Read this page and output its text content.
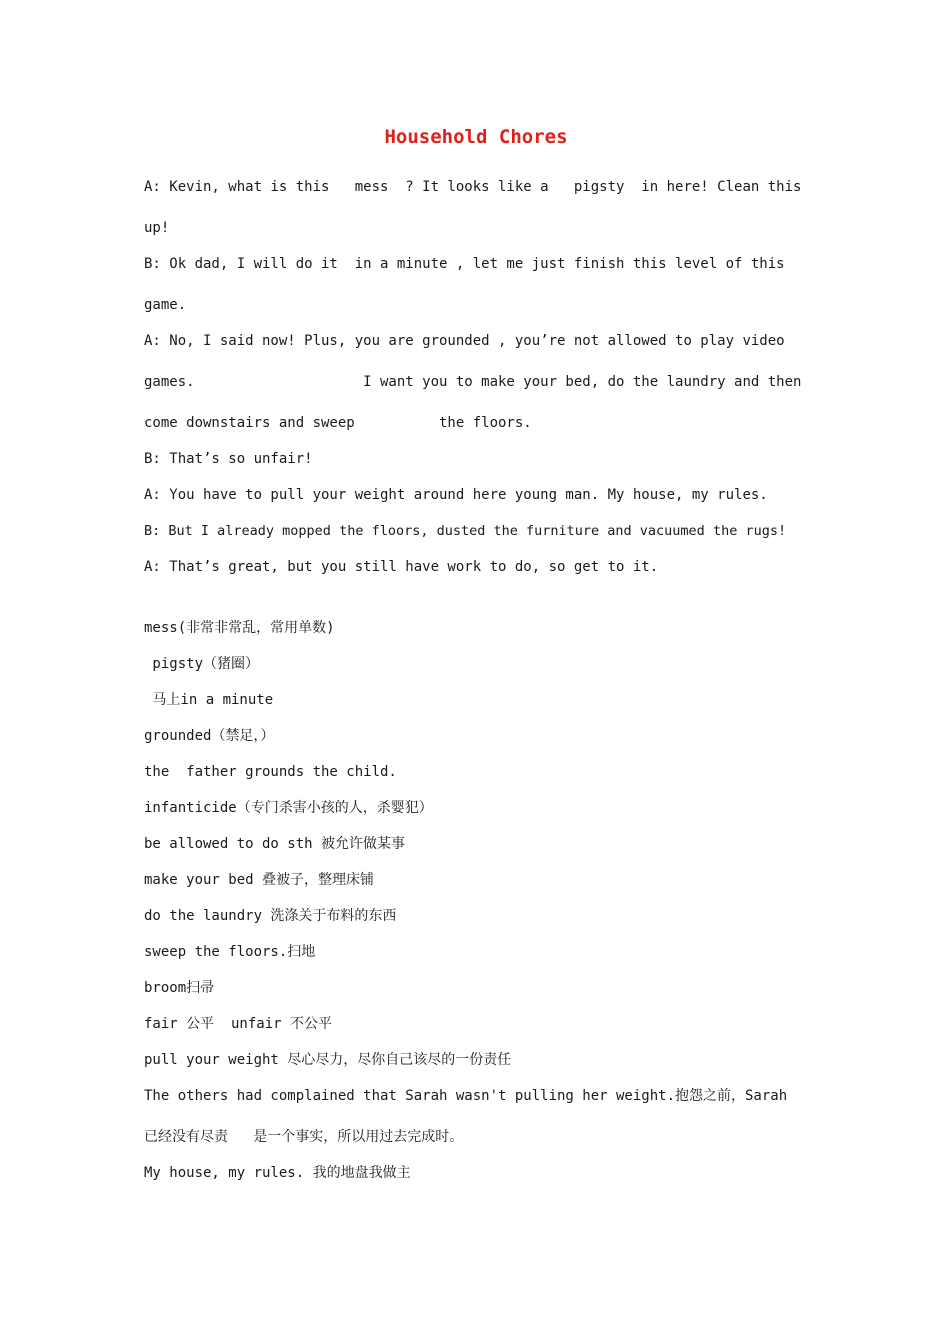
Household Chores
A: Kevin, what is this   mess  ? It looks like a   pigsty  in here! Clean this
up!
B: Ok dad, I will do it  in a minute , let me just finish this level of this
game.
A: No, I said now! Plus, you are grounded , you’re not allowed to play video
games.                    I want you to make your bed, do the laundry and then
come downstairs and sweep          the floors.
B: That’s so unfair!
A: You have to pull your weight around here young man. My house, my rules.
B: But I already mopped the floors, dusted the furniture and vacuumed the rugs!
A: That’s great, but you still have work to do, so get to it.
mess(非常非常乱，常用单数)
pigsty（猪圈）
马上in a minute
grounded（禁足，）
the  father grounds the child.
infanticide（专门杀害小孩的人，杀婴犯）
be allowed to do sth 被允许做某事
make your bed 叠被子，整理床铺
do the laundry 洗涤关于布料的东西
sweep the floors.扫地
broom扫帚
fair 公平  unfair 不公平
pull your weight 尽心尽力，尽你自己该尽的一份责任
The others had complained that Sarah wasn't pulling her weight.抱怨之前，Sarah
已经没有尽责   是一个事实，所以用过去完成时。
My house, my rules. 我的地盘我做主
